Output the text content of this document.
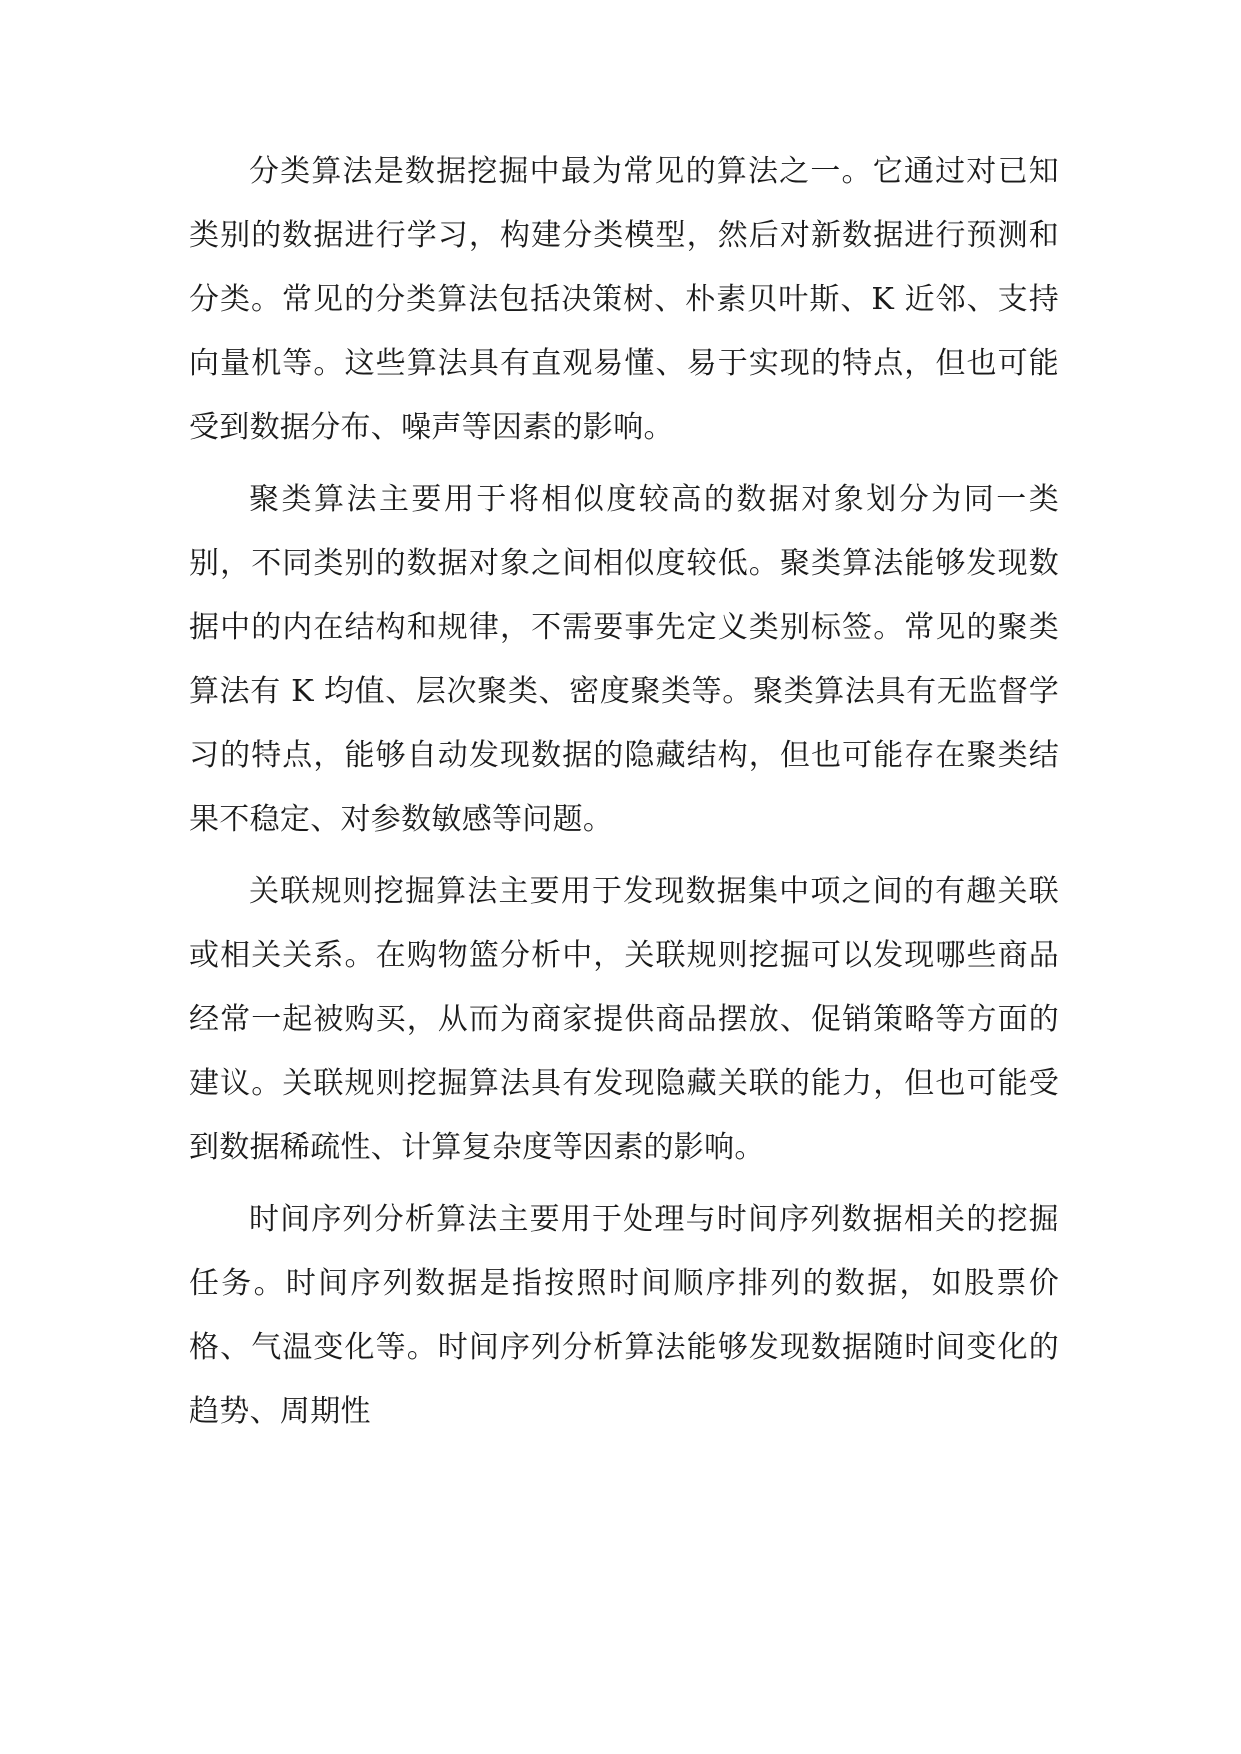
分类算法是数据挖掘中最为常见的算法之一。它通过对已知类别的数据进行学习，构建分类模型，然后对新数据进行预测和分类。常见的分类算法包括决策树、朴素贝叶斯、K 近邻、支持向量机等。这些算法具有直观易懂、易于实现的特点，但也可能受到数据分布、噪声等因素的影响。

聚类算法主要用于将相似度较高的数据对象划分为同一类别，不同类别的数据对象之间相似度较低。聚类算法能够发现数据中的内在结构和规律，不需要事先定义类别标签。常见的聚类算法有 K 均值、层次聚类、密度聚类等。聚类算法具有无监督学习的特点，能够自动发现数据的隐藏结构，但也可能存在聚类结果不稳定、对参数敏感等问题。

关联规则挖掘算法主要用于发现数据集中项之间的有趣关联或相关关系。在购物篮分析中，关联规则挖掘可以发现哪些商品经常一起被购买，从而为商家提供商品摆放、促销策略等方面的建议。关联规则挖掘算法具有发现隐藏关联的能力，但也可能受到数据稀疏性、计算复杂度等因素的影响。

时间序列分析算法主要用于处理与时间序列数据相关的挖掘任务。时间序列数据是指按照时间顺序排列的数据，如股票价格、气温变化等。时间序列分析算法能够发现数据随时间变化的趋势、周期性
